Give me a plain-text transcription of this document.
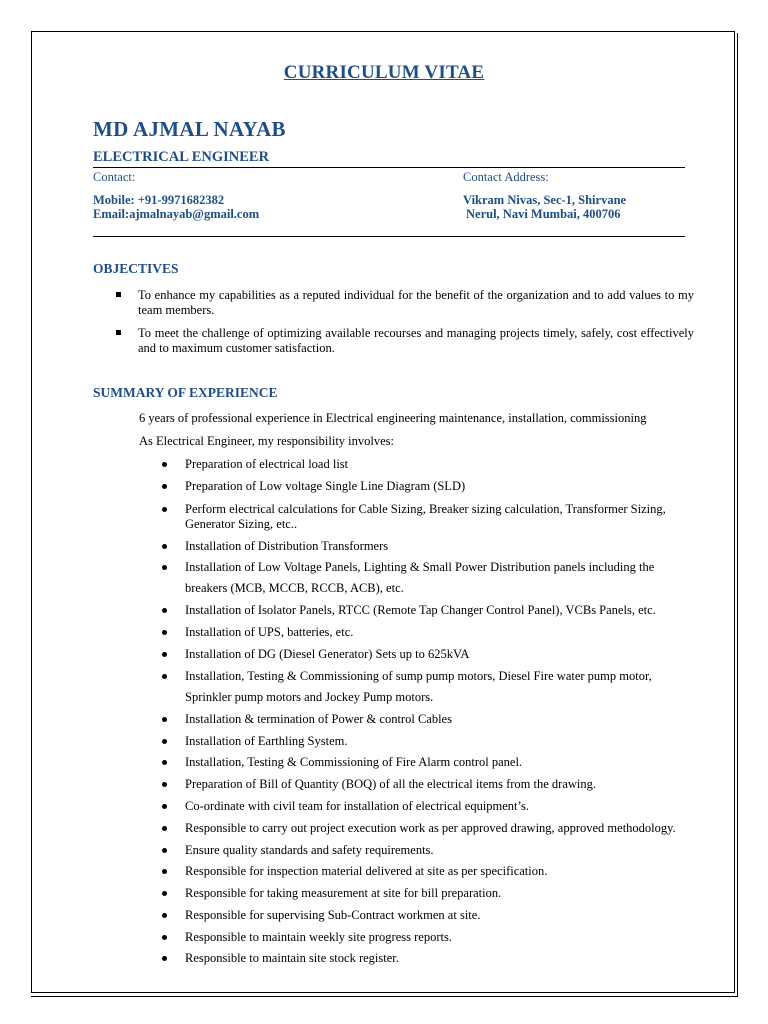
CURRICULUM VITAE
MD AJMAL NAYAB
ELECTRICAL ENGINEER
Contact:	Contact Address:
Mobile: +91-9971682382
Email:ajmalnayab@gmail.com
Vikram Nivas, Sec-1, Shirvane
Nerul, Navi Mumbai, 400706
OBJECTIVES
To enhance my capabilities as a reputed individual for the benefit of the organization and to add values to my team members.
To meet the challenge of optimizing available recourses and managing projects timely, safely, cost effectively and to maximum customer satisfaction.
SUMMARY OF EXPERIENCE
6 years of professional experience in Electrical engineering maintenance, installation, commissioning
As Electrical Engineer, my responsibility involves:
Preparation of electrical load list
Preparation of Low voltage Single Line Diagram (SLD)
Perform electrical calculations for Cable Sizing, Breaker sizing calculation, Transformer Sizing, Generator Sizing, etc..
Installation of Distribution Transformers
Installation of Low Voltage Panels, Lighting & Small Power Distribution panels including the breakers (MCB, MCCB, RCCB, ACB), etc.
Installation of Isolator Panels, RTCC (Remote Tap Changer Control Panel), VCBs Panels, etc.
Installation of UPS, batteries, etc.
Installation of DG (Diesel Generator) Sets up to 625kVA
Installation, Testing & Commissioning of sump pump motors, Diesel Fire water pump motor, Sprinkler pump motors and Jockey Pump motors.
Installation & termination of Power & control Cables
Installation of Earthling System.
Installation, Testing & Commissioning of Fire Alarm control panel.
Preparation of Bill of Quantity (BOQ) of all the electrical items from the drawing.
Co-ordinate with civil team for installation of electrical equipment’s.
Responsible to carry out project execution work as per approved drawing, approved methodology.
Ensure quality standards and safety requirements.
Responsible for inspection material delivered at site as per specification.
Responsible for taking measurement at site for bill preparation.
Responsible for supervising Sub-Contract workmen at site.
Responsible to maintain weekly site progress reports.
Responsible to maintain site stock register.
